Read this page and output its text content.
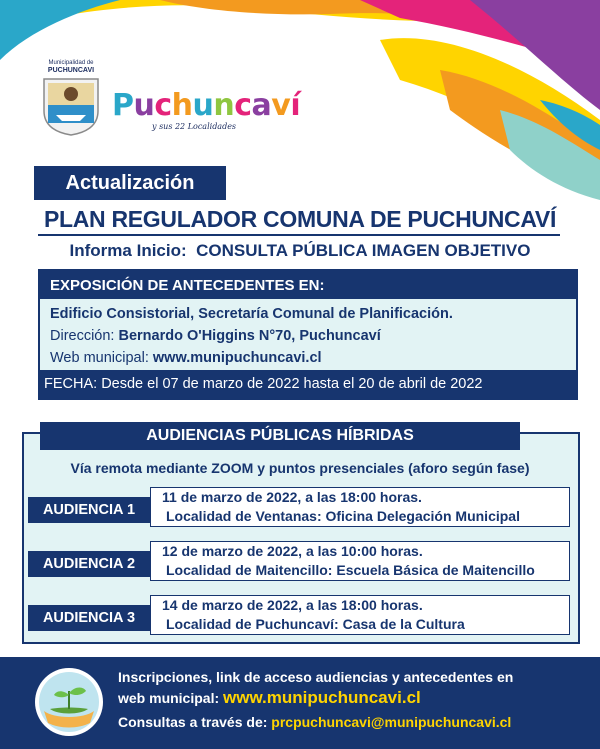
Municipalidad de
PUCHUNCAVI
Puchuncaví
y sus 22 Localidades
Actualización
PLAN REGULADOR COMUNA DE PUCHUNCAVÍ
Informa Inicio: CONSULTA PÚBLICA IMAGEN OBJETIVO
EXPOSICIÓN DE ANTECEDENTES EN:
Edificio Consistorial, Secretaría Comunal de Planificación.
Dirección: Bernardo O'Higgins N°70, Puchuncaví
Web municipal: www.munipuchuncavi.cl
FECHA:
Desde el 07 de marzo de 2022 hasta el 20 de abril de 2022
AUDIENCIAS PÚBLICAS HÍBRIDAS
Vía remota mediante ZOOM y puntos presenciales (aforo según fase)
AUDIENCIA 1
11 de marzo de 2022, a las 18:00 horas.
Localidad de Ventanas: Oficina Delegación Municipal
AUDIENCIA 2
12 de marzo de 2022, a las 10:00 horas.
Localidad de Maitencillo: Escuela Básica de Maitencillo
AUDIENCIA 3
14 de marzo de 2022, a las 18:00 horas.
Localidad de Puchuncaví: Casa de la Cultura
Inscripciones, link de acceso audiencias y antecedentes en
web municipal: www.munipuchuncavi.cl
Consultas a través de: prcpuchuncavi@munipuchuncavi.cl
